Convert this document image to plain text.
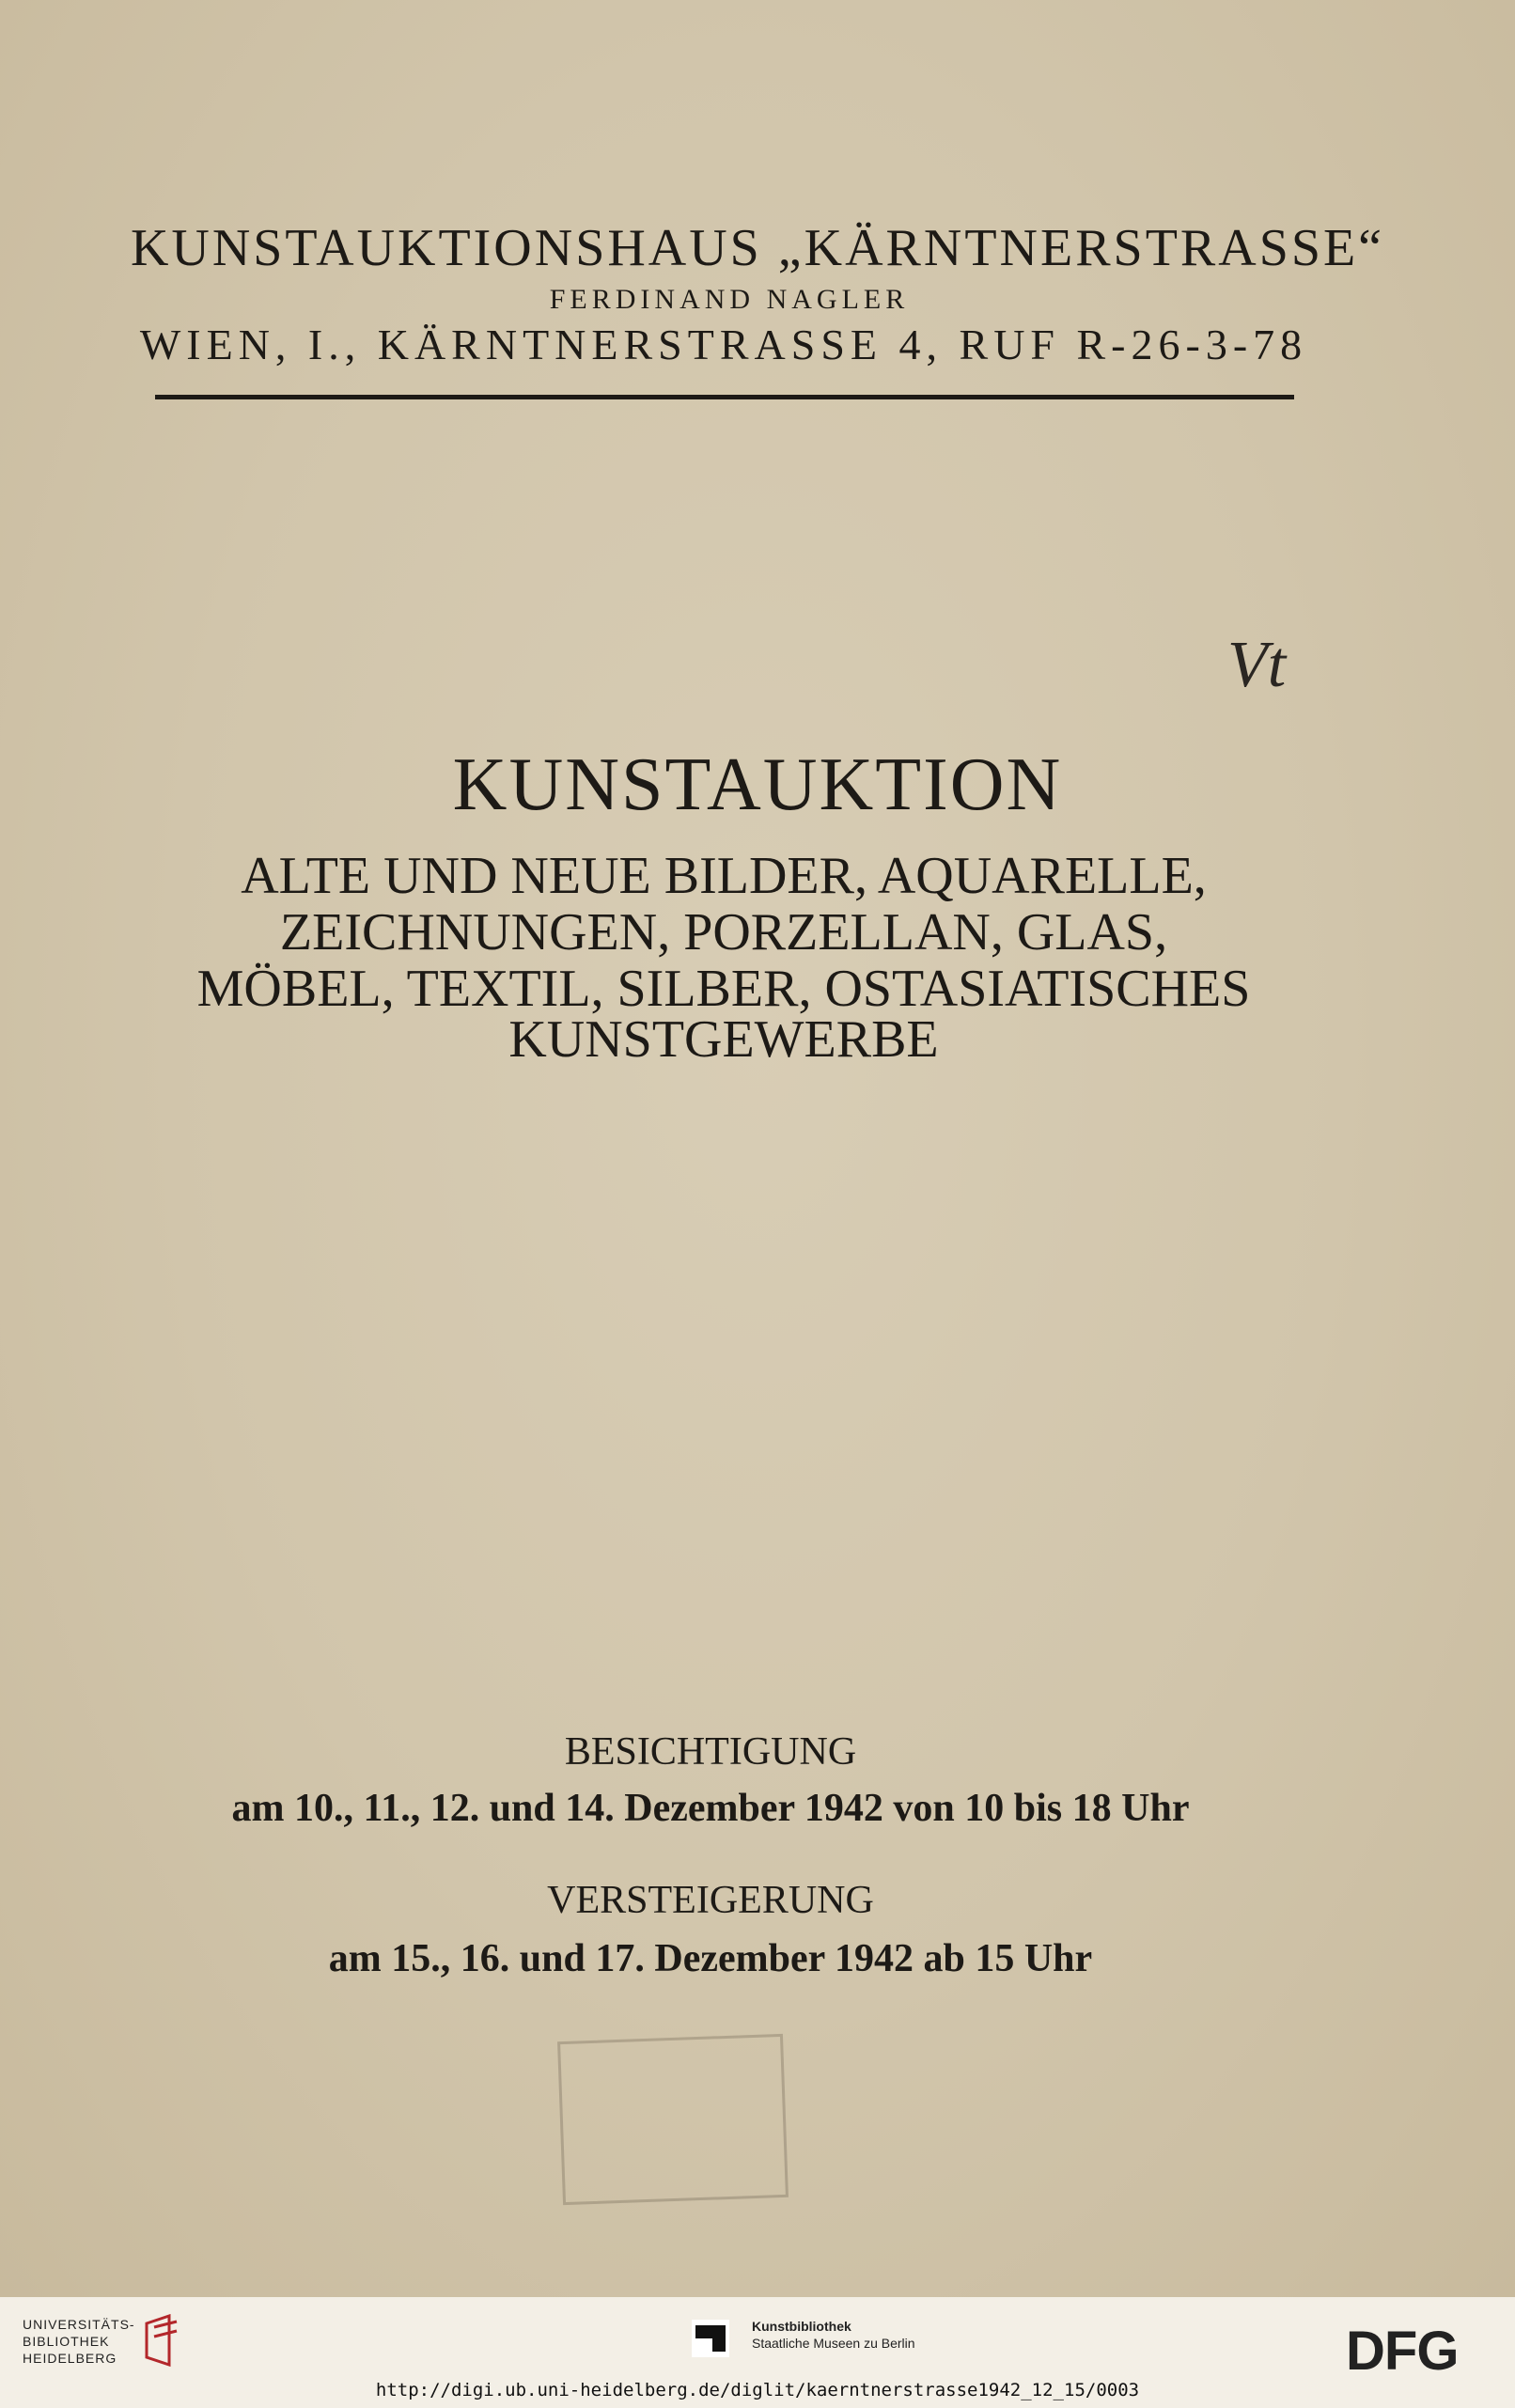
KUNSTAUKTIONSHAUS „KÄRNTNERSTRASSE“
FERDINAND NAGLER
WIEN, I., KÄRNTNERSTRASSE 4, RUF R-26-3-78
Vt
KUNSTAUKTION
ALTE UND NEUE BILDER, AQUARELLE,
ZEICHNUNGEN, PORZELLAN, GLAS,
MÖBEL, TEXTIL, SILBER, OSTASIATISCHES
KUNSTGEWERBE
BESICHTIGUNG
am 10., 11., 12. und 14. Dezember 1942 von 10 bis 18 Uhr
VERSTEIGERUNG
am 15., 16. und 17. Dezember 1942 ab 15 Uhr
UNIVERSITÄTS-
BIBLIOTHEK
HEIDELBERG
Kunstbibliothek
Staatliche Museen zu Berlin	DFG
http://digi.ub.uni-heidelberg.de/diglit/kaerntnerstrasse1942_12_15/0003
